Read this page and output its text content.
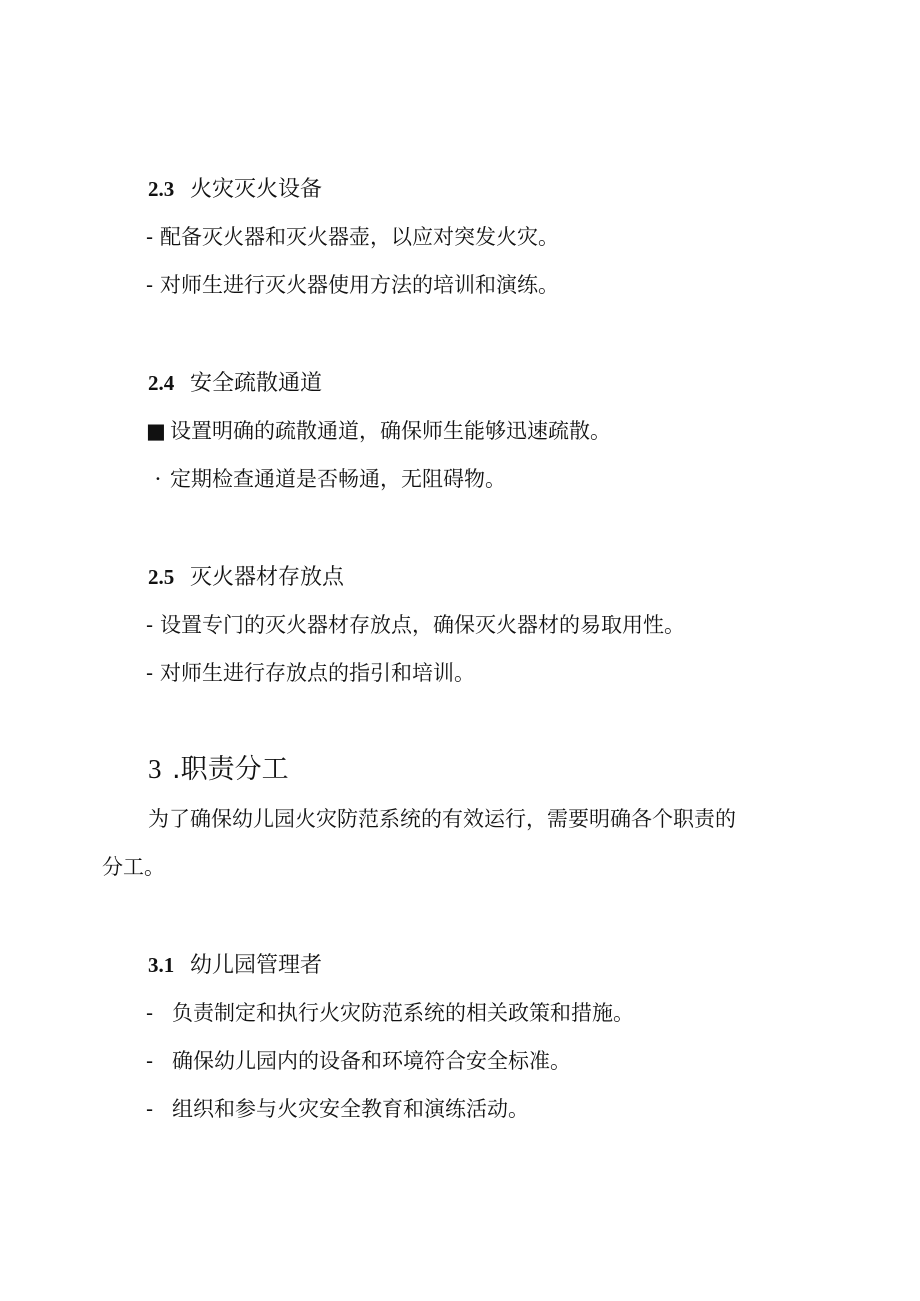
2.3 火灾灭火设备
- 配备灭火器和灭火器壶，以应对突发火灾。
- 对师生进行灭火器使用方法的培训和演练。
2.4 安全疏散通道
■ 设置明确的疏散通道，确保师生能够迅速疏散。
· 定期检查通道是否畅通，无阻碍物。
2.5 灭火器材存放点
- 设置专门的灭火器材存放点，确保灭火器材的易取用性。
- 对师生进行存放点的指引和培训。
3 .职责分工
为了确保幼儿园火灾防范系统的有效运行，需要明确各个职责的
分工。
3.1 幼儿园管理者
- 负责制定和执行火灾防范系统的相关政策和措施。
- 确保幼儿园内的设备和环境符合安全标准。
- 组织和参与火灾安全教育和演练活动。
